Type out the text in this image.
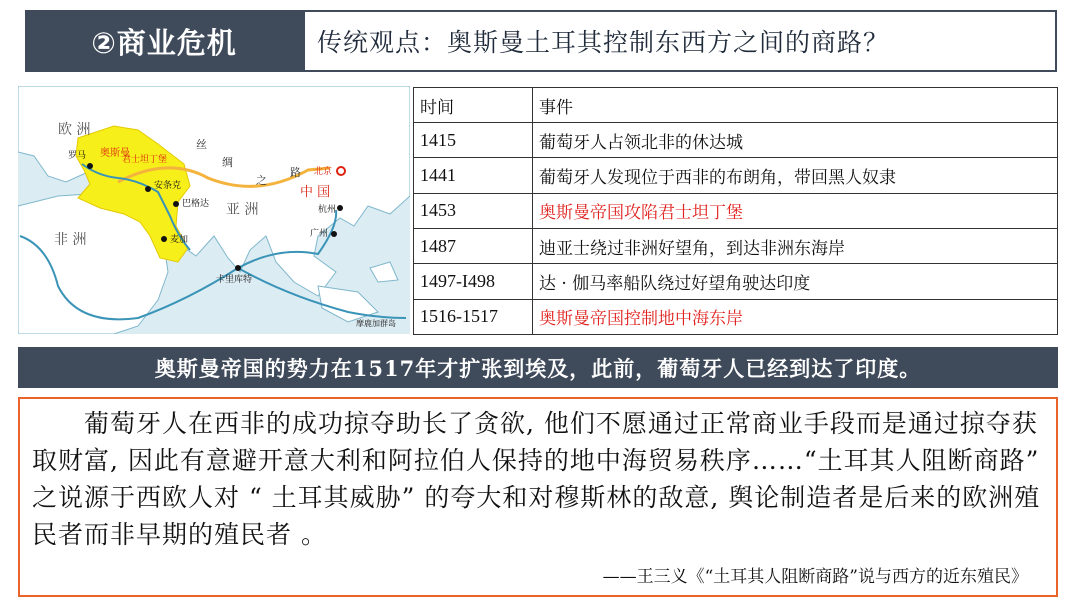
②商业危机	传统观点：奥斯曼土耳其控制东西方之间的商路？
欧 洲
亚 洲
非 洲
丝
绸
之
路
中 国
奥斯曼
罗马	君士坦丁堡
安条克
巴格达
麦加
卡里库特
北京
杭州
广州
摩鹿加群岛
时间	事件
1415	葡萄牙人占领北非的休达城
1441	葡萄牙人发现位于西非的布朗角，带回黑人奴隶
1453	奥斯曼帝国攻陷君士坦丁堡
1487	迪亚士绕过非洲好望角，到达非洲东海岸
1497-I498	达 · 伽马率船队绕过好望角驶达印度
1516-1517	奥斯曼帝国控制地中海东岸
奥斯曼帝国的势力在1517年才扩张到埃及，此前，葡萄牙人已经到达了印度。

葡萄牙人在西非的成功掠夺助长了贪欲, 他们不愿通过正常商业手段而是通过掠夺获取财富, 因此有意避开意大利和阿拉伯人保持的地中海贸易秩序……“土耳其人阻断商路” 之说源于西欧人对 “ 土耳其威胁” 的夸大和对穆斯林的敌意, 舆论制造者是后来的欧洲殖民者而非早期的殖民者 。

——王三义《“土耳其人阻断商路”说与西方的近东殖民》
